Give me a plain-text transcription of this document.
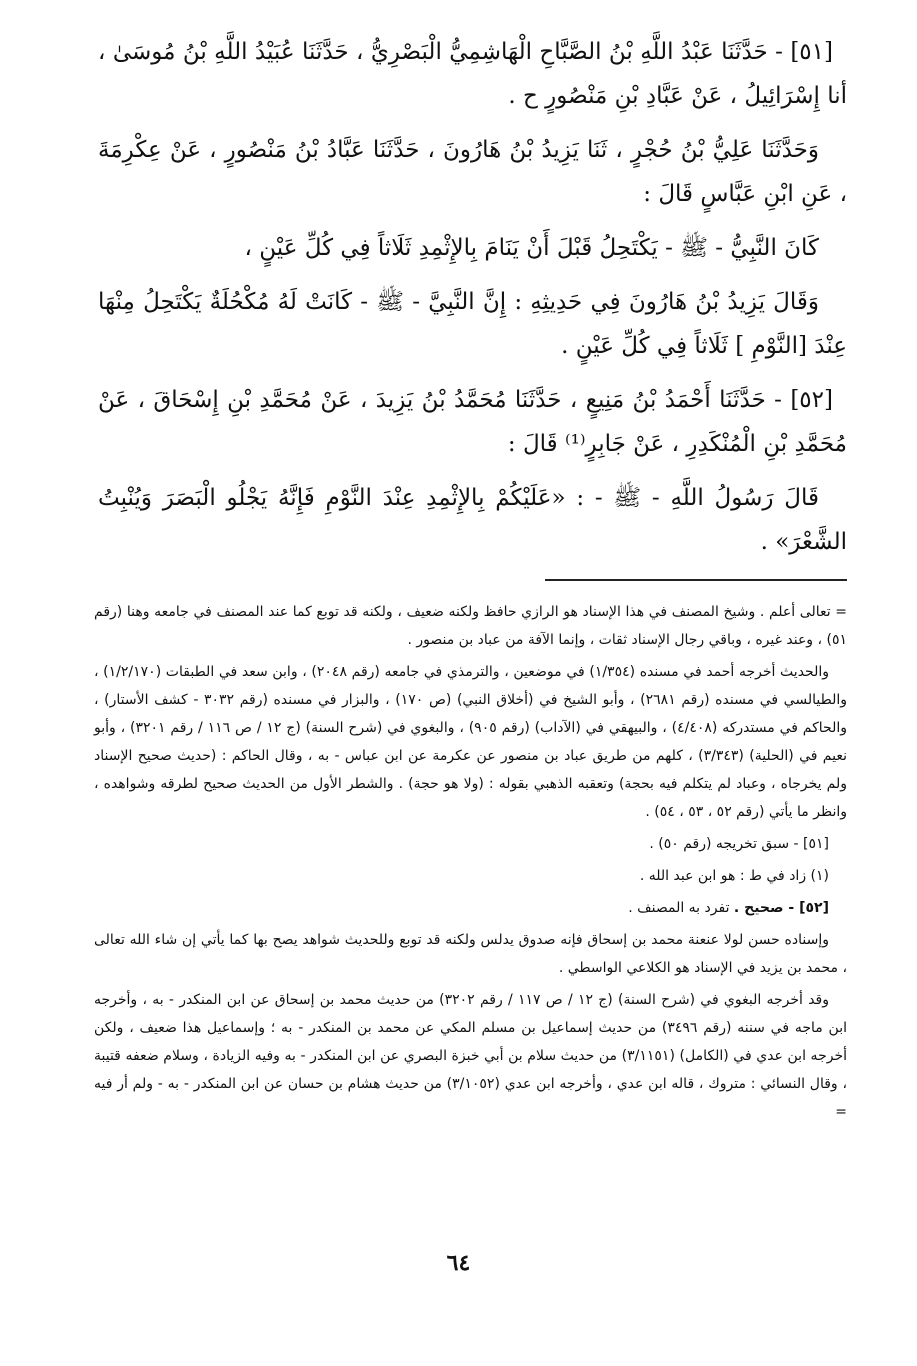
[٥١] - حَدَّثَنَا عَبْدُ اللَّهِ بْنُ الصَّبَّاحِ الْهَاشِمِيُّ الْبَصْرِيُّ ، حَدَّثَنَا عُبَيْدُ اللَّهِ بْنُ مُوسَىٰ ، أنا إِسْرَائِيلُ ، عَنْ عَبَّادِ بْنِ مَنْصُورٍ ح .

وَحَدَّثَنَا عَلِيُّ بْنُ حُجْرٍ ، ثَنَا يَزِيدُ بْنُ هَارُونَ ، حَدَّثَنَا عَبَّادُ بْنُ مَنْصُورٍ ، عَنْ عِكْرِمَةَ ، عَنِ ابْنِ عَبَّاسٍ قَالَ :

كَانَ النَّبِيُّ - ﷺ - يَكْتَحِلُ قَبْلَ أَنْ يَنَامَ بِالإِثْمِدِ ثَلَاثاً فِي كُلِّ عَيْنٍ ،

وَقَالَ يَزِيدُ بْنُ هَارُونَ فِي حَدِيثِهِ : إِنَّ النَّبِيَّ - ﷺ - كَانَتْ لَهُ مُكْحُلَةٌ يَكْتَحِلُ مِنْهَا عِنْدَ [النَّوْمِ ] ثَلَاثاً فِي كُلِّ عَيْنٍ .

[٥٢] - حَدَّثَنَا أَحْمَدُ بْنُ مَنِيعٍ ، حَدَّثَنَا مُحَمَّدُ بْنُ يَزِيدَ ، عَنْ مُحَمَّدِ بْنِ إِسْحَاقَ ، عَنْ مُحَمَّدِ بْنِ الْمُنْكَدِرِ ، عَنْ جَابِرٍ⁽¹⁾ قَالَ :

قَالَ رَسُولُ اللَّهِ - ﷺ - : «عَلَيْكُمْ بِالإِثْمِدِ عِنْدَ النَّوْمِ فَإِنَّهُ يَجْلُو الْبَصَرَ وَيُنْبِتُ الشَّعْرَ» .

= تعالى أعلم . وشيخ المصنف في هذا الإسناد هو الرازي حافظ ولكنه ضعيف ، ولكنه قد توبع كما عند المصنف في جامعه وهنا (رقم ٥١) ، وعند غيره ، وباقي رجال الإسناد ثقات ، وإنما الآفة من عباد بن منصور .

والحديث أخرجه أحمد في مسنده (١/٣٥٤) في موضعين ، والترمذي في جامعه (رقم ٢٠٤٨) ، وابن سعد في الطبقات (١/٢/١٧٠) ، والطيالسي في مسنده (رقم ٢٦٨١) ، وأبو الشيخ في (أخلاق النبي) (ص ١٧٠) ، والبزار في مسنده (رقم ٣٠٣٢ - كشف الأستار) ، والحاكم في مستدركه (٤/٤٠٨) ، والبيهقي في (الآداب) (رقم ٩٠٥) ، والبغوي في (شرح السنة) (ج ١٢ / ص ١١٦ / رقم ٣٢٠١) ، وأبو نعيم في (الحلية) (٣/٣٤٣) ، كلهم من طريق عباد بن منصور عن عكرمة عن ابن عباس - به ، وقال الحاكم : (حديث صحيح الإسناد ولم يخرجاه ، وعباد لم يتكلم فيه بحجة) وتعقبه الذهبي بقوله : (ولا هو حجة) . والشطر الأول من الحديث صحيح لطرقه وشواهده ، وانظر ما يأتي (رقم ٥٢ ، ٥٣ ، ٥٤) .

[٥١] - سبق تخريجه (رقم ٥٠) .

(١) زاد في ط : هو ابن عبد الله .

[٥٢] - صحيح . تفرد به المصنف .

وإسناده حسن لولا عنعنة محمد بن إسحاق فإنه صدوق يدلس ولكنه قد توبع وللحديث شواهد يصح بها كما يأتي إن شاء الله تعالى ، محمد بن يزيد في الإسناد هو الكلاعي الواسطي .

وقد أخرجه البغوي في (شرح السنة) (ج ١٢ / ص ١١٧ / رقم ٣٢٠٢) من حديث محمد بن إسحاق عن ابن المنكدر - به ، وأخرجه ابن ماجه في سننه (رقم ٣٤٩٦) من حديث إسماعيل بن مسلم المكي عن محمد بن المنكدر - به ؛ وإسماعيل هذا ضعيف ، ولكن أخرجه ابن عدي في (الكامل) (٣/١١٥١) من حديث سلام بن أبي خبزة البصري عن ابن المنكدر - به وفيه الزيادة ، وسلام ضعفه قتيبة ، وقال النسائي : متروك ، قاله ابن عدي ، وأخرجه ابن عدي (٣/١٠٥٢) من حديث هشام بن حسان عن ابن المنكدر - به - ولم أر فيه =

٦٤
